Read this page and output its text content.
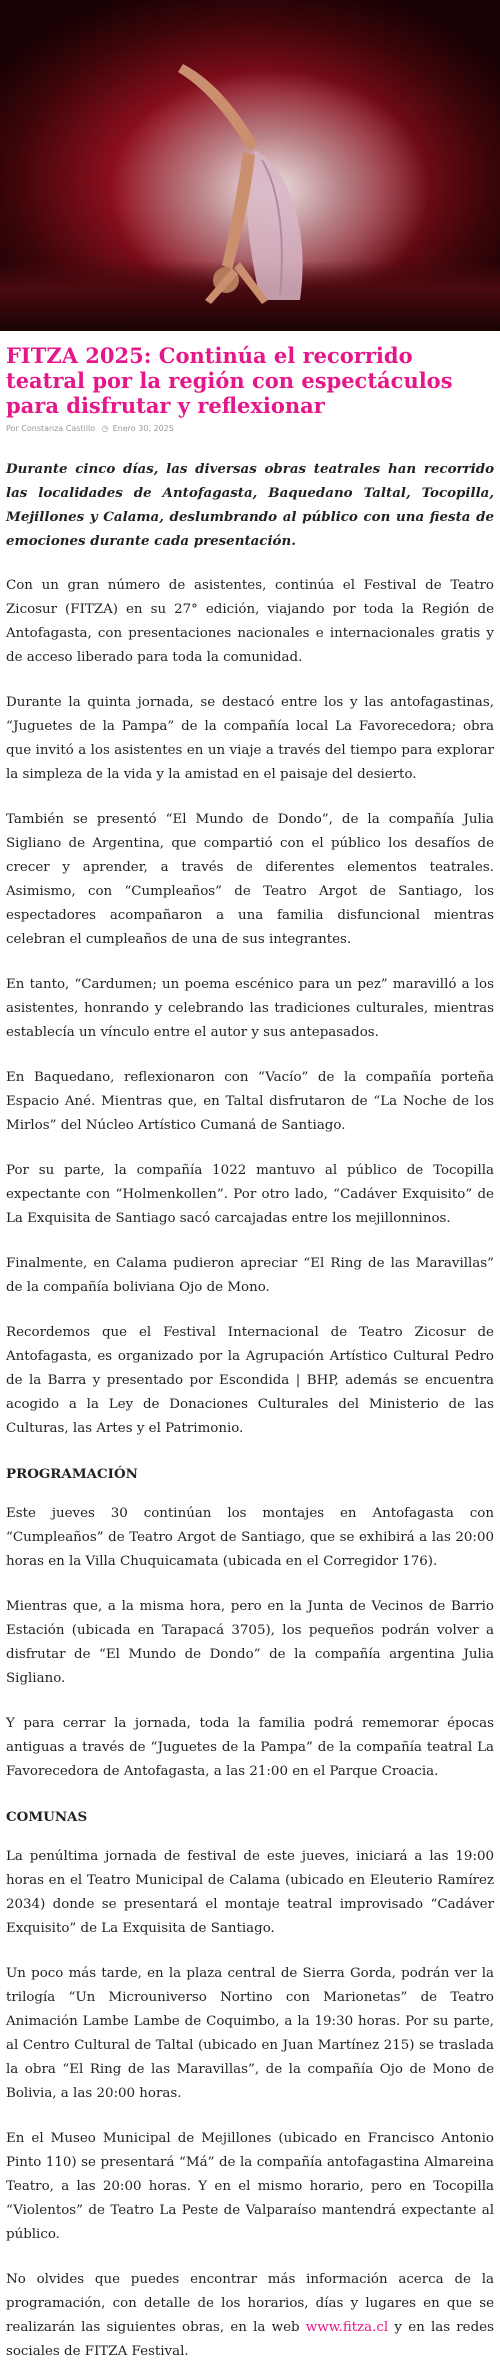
FITZA 2025: Continúa el recorrido teatral por la región con espectáculos para disfrutar y reflexionar
Por Constanza Castillo ◷ Enero 30, 2025

Durante cinco días, las diversas obras teatrales han recorrido las localidades de Antofagasta, Baquedano Taltal, Tocopilla, Mejillones y Calama, deslumbrando al público con una fiesta de emociones durante cada presentación.

Con un gran número de asistentes, continúa el Festival de Teatro Zicosur (FITZA) en su 27° edición, viajando por toda la Región de Antofagasta, con presentaciones nacionales e internacionales gratis y de acceso liberado para toda la comunidad.

Durante la quinta jornada, se destacó entre los y las antofagastinas, “Juguetes de la Pampa” de la compañía local La Favorecedora; obra que invitó a los asistentes en un viaje a través del tiempo para explorar la simpleza de la vida y la amistad en el paisaje del desierto.

También se presentó “El Mundo de Dondo”, de la compañía Julia Sigliano de Argentina, que compartió con el público los desafíos de crecer y aprender, a través de diferentes elementos teatrales. Asimismo, con “Cumpleaños” de Teatro Argot de Santiago, los espectadores acompañaron a una familia disfuncional mientras celebran el cumpleaños de una de sus integrantes.

En tanto, “Cardumen; un poema escénico para un pez” maravilló a los asistentes, honrando y celebrando las tradiciones culturales, mientras establecía un vínculo entre el autor y sus antepasados.

En Baquedano, reflexionaron con “Vacío” de la compañía porteña Espacio Ané. Mientras que, en Taltal disfrutaron de “La Noche de los Mirlos” del Núcleo Artístico Cumaná de Santiago.

Por su parte, la compañía 1022 mantuvo al público de Tocopilla expectante con “Holmenkollen”. Por otro lado, “Cadáver Exquisito” de La Exquisita de Santiago sacó carcajadas entre los mejillonninos.

Finalmente, en Calama pudieron apreciar “El Ring de las Maravillas” de la compañía boliviana Ojo de Mono.

Recordemos que el Festival Internacional de Teatro Zicosur de Antofagasta, es organizado por la Agrupación Artístico Cultural Pedro de la Barra y presentado por Escondida | BHP, además se encuentra acogido a la Ley de Donaciones Culturales del Ministerio de las Culturas, las Artes y el Patrimonio.

PROGRAMACIÓN

Este jueves 30 continúan los montajes en Antofagasta con “Cumpleaños” de Teatro Argot de Santiago, que se exhibirá a las 20:00 horas en la Villa Chuquicamata (ubicada en el Corregidor 176).

Mientras que, a la misma hora, pero en la Junta de Vecinos de Barrio Estación (ubicada en Tarapacá 3705), los pequeños podrán volver a disfrutar de “El Mundo de Dondo” de la compañía argentina Julia Sigliano.

Y para cerrar la jornada, toda la familia podrá rememorar épocas antiguas a través de “Juguetes de la Pampa” de la compañía teatral La Favorecedora de Antofagasta, a las 21:00 en el Parque Croacia.

COMUNAS

La penúltima jornada de festival de este jueves, iniciará a las 19:00 horas en el Teatro Municipal de Calama (ubicado en Eleuterio Ramírez 2034) donde se presentará el montaje teatral improvisado “Cadáver Exquisito” de La Exquisita de Santiago.

Un poco más tarde, en la plaza central de Sierra Gorda, podrán ver la trilogía “Un Microuniverso Nortino con Marionetas” de Teatro Animación Lambe Lambe de Coquimbo, a la 19:30 horas. Por su parte, al Centro Cultural de Taltal (ubicado en Juan Martínez 215) se traslada la obra “El Ring de las Maravillas”, de la compañía Ojo de Mono de Bolivia, a las 20:00 horas.

En el Museo Municipal de Mejillones (ubicado en Francisco Antonio Pinto 110) se presentará “Má” de la compañía antofagastina Almareina Teatro, a las 20:00 horas. Y en el mismo horario, pero en Tocopilla “Violentos” de Teatro La Peste de Valparaíso mantendrá expectante al público.

No olvides que puedes encontrar más información acerca de la programación, con detalle de los horarios, días y lugares en que se realizarán las siguientes obras, en la web www.fitza.cl y en las redes sociales de FITZA Festival.
